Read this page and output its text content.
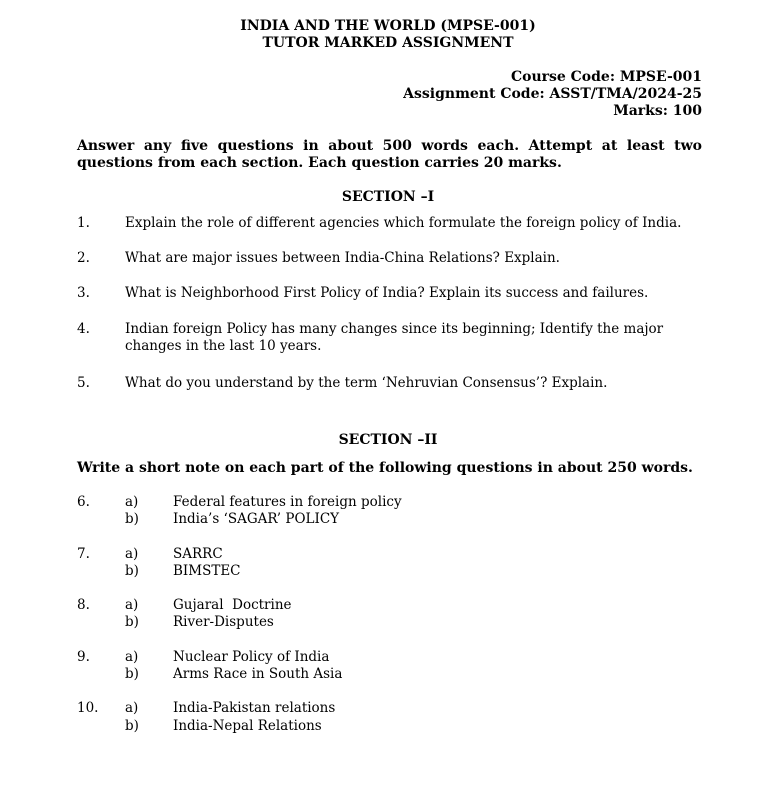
INDIA AND THE WORLD (MPSE-001)
TUTOR MARKED ASSIGNMENT
Course Code: MPSE-001
Assignment Code: ASST/TMA/2024-25
Marks: 100
Answer any five questions in about 500 words each. Attempt at least two questions from each section. Each question carries 20 marks.
SECTION –I
1.	Explain the role of different agencies which formulate the foreign policy of India.
2.	What are major issues between India-China Relations? Explain.
3.	What is Neighborhood First Policy of India? Explain its success and failures.
4.	Indian foreign Policy has many changes since its beginning; Identify the major changes in the last 10 years.
5.	What do you understand by the term ‘Nehruvian Consensus’? Explain.
SECTION –II
Write a short note on each part of the following questions in about 250 words.
6.	a)	Federal features in foreign policy
b)	India’s ‘SAGAR’ POLICY
7.	a)	SARRC
b)	BIMSTEC
8.	a)	Gujaral  Doctrine
b)	River-Disputes
9.	a)	Nuclear Policy of India
b)	Arms Race in South Asia
10. a)	India-Pakistan relations
b)	India-Nepal Relations
